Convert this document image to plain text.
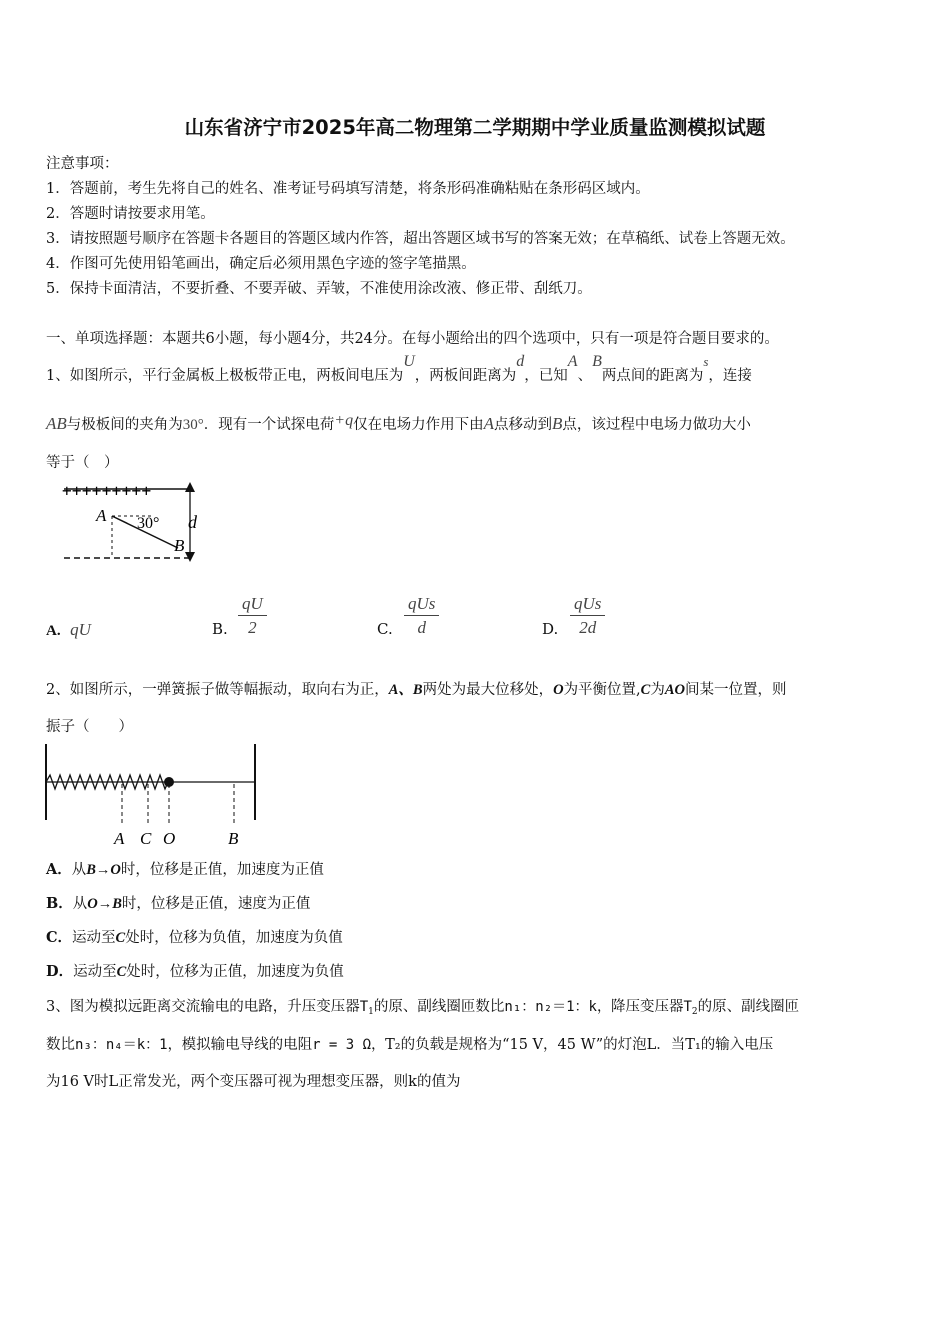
山东省济宁市2025年高二物理第二学期期中学业质量监测模拟试题
注意事项：
1．答题前，考生先将自己的姓名、准考证号码填写清楚，将条形码准确粘贴在条形码区域内。
2．答题时请按要求用笔。
3．请按照题号顺序在答题卡各题目的答题区域内作答，超出答题区域书写的答案无效；在草稿纸、试卷上答题无效。
4．作图可先使用铅笔画出，确定后必须用黑色字迹的签字笔描黑。
5．保持卡面清洁，不要折叠、不要弄破、弄皱，不准使用涂改液、修正带、刮纸刀。
一、单项选择题：本题共6小题，每小题4分，共24分。在每小题给出的四个选项中，只有一项是符合题目要求的。
1、如图所示，平行金属板上极板带正电，两板间电压为U，两板间距离为d，已知A、B两点间的距离为s，连接
AB与极板间的夹角为30°．现有一个试探电荷+q仅在电场力作用下由A点移动到B点，该过程中电场力做功大小
等于（　）
+++++++++
A
B
30° d
A. qU	B. $\frac{qU}{2}$	C.
qUs
d	D.
qUs
2d
2、如图所示，一弹簧振子做等幅振动，取向右为正，A、B两处为最大位移处，O为平衡位置,C为AO间某一位置，则
振子（　　）
A C O	B
A．从B→O时，位移是正值，加速度为正值
B．从O→B时，位移是正值，速度为正值
C．运动至C处时，位移为负值，加速度为负值
D．运动至C处时，位移为正值，加速度为负值
3、图为模拟远距离交流输电的电路，升压变压器$T_1$的原、副线圈匝数比n₁：n₂＝1：k，降压变压器$T_2$的原、副线圈匝
数比n₃：n₄＝k：1，模拟输电导线的电阻r = 3 Ω，T₂的负载是规格为“15 V，45 W”的灯泡L．当T₁的输入电压
为16 V时L正常发光，两个变压器可视为理想变压器，则k的值为
